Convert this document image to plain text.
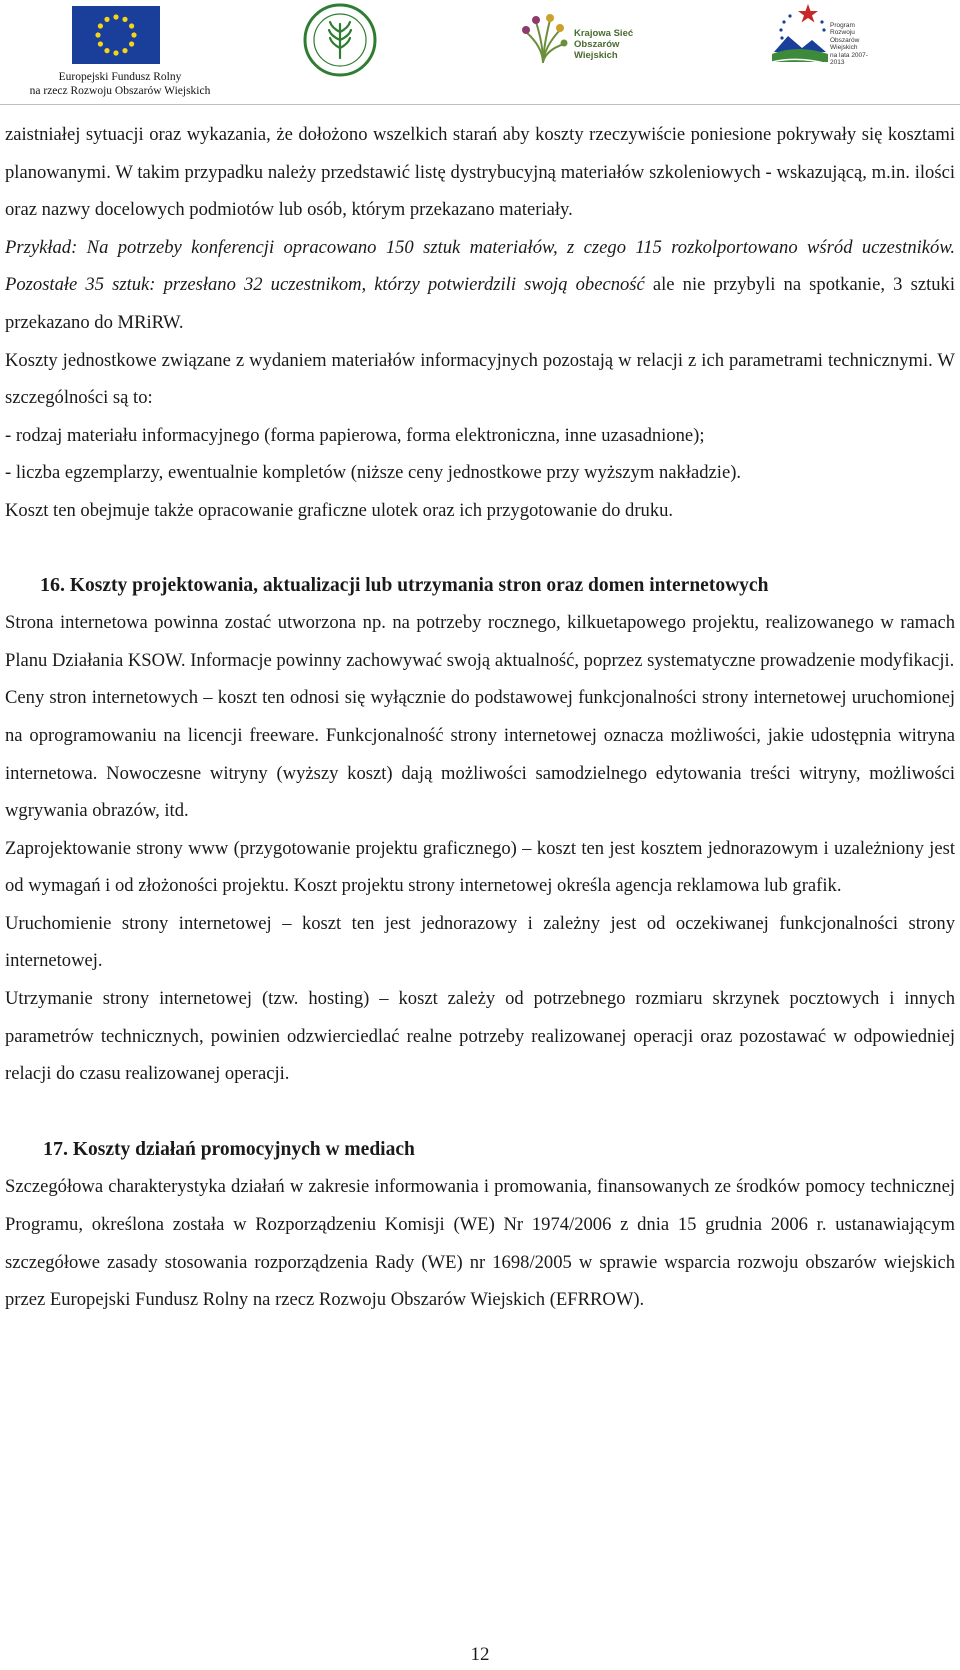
Europejski Fundusz Rolny
na rzecz Rozwoju Obszarów Wiejskich
Krajowa Sieć
Obszarów Wiejskich
Program
Rozwoju
Obszarów
Wiejskich
na lata 2007-2013

zaistniałej sytuacji oraz wykazania, że dołożono wszelkich starań aby koszty rzeczywiście poniesione pokrywały się kosztami planowanymi. W takim przypadku należy przedstawić listę dystrybucyjną materiałów szkoleniowych - wskazującą, m.in. ilości oraz nazwy docelowych podmiotów lub osób, którym przekazano materiały.

Przykład: Na potrzeby konferencji opracowano 150 sztuk materiałów, z czego 115 rozkolportowano wśród uczestników. Pozostałe 35 sztuk: przesłano 32 uczestnikom, którzy potwierdzili swoją obecność ale nie przybyli na spotkanie, 3 sztuki przekazano do MRiRW.

Koszty jednostkowe związane z wydaniem materiałów informacyjnych pozostają w relacji z ich parametrami technicznymi. W szczególności są to:

- rodzaj materiału informacyjnego (forma papierowa, forma elektroniczna, inne uzasadnione);

- liczba egzemplarzy, ewentualnie kompletów (niższe ceny jednostkowe przy wyższym nakładzie).

Koszt ten obejmuje także opracowanie graficzne ulotek oraz ich przygotowanie do druku.

16. Koszty projektowania, aktualizacji lub utrzymania stron oraz domen internetowych

Strona internetowa powinna zostać utworzona np. na potrzeby rocznego, kilkuetapowego projektu, realizowanego w ramach Planu Działania KSOW. Informacje powinny zachowywać swoją aktualność, poprzez systematyczne prowadzenie modyfikacji.

Ceny stron internetowych – koszt ten odnosi się wyłącznie do podstawowej funkcjonalności strony internetowej uruchomionej na oprogramowaniu na licencji freeware. Funkcjonalność strony internetowej oznacza możliwości, jakie udostępnia witryna internetowa. Nowoczesne witryny (wyższy koszt) dają możliwości samodzielnego edytowania treści witryny, możliwości wgrywania obrazów, itd.

Zaprojektowanie strony www (przygotowanie projektu graficznego) – koszt ten jest kosztem jednorazowym i uzależniony jest od wymagań i od złożoności projektu. Koszt projektu strony internetowej określa agencja reklamowa lub grafik.

Uruchomienie strony internetowej – koszt ten jest jednorazowy i zależny jest od oczekiwanej funkcjonalności strony internetowej.

Utrzymanie strony internetowej (tzw. hosting) – koszt zależy od potrzebnego rozmiaru skrzynek pocztowych i innych parametrów technicznych, powinien odzwierciedlać realne potrzeby realizowanej operacji oraz pozostawać w odpowiedniej relacji do czasu realizowanej operacji.

17. Koszty działań promocyjnych w mediach

Szczegółowa charakterystyka działań w zakresie informowania i promowania, finansowanych ze środków pomocy technicznej Programu, określona została w Rozporządzeniu Komisji (WE) Nr 1974/2006 z dnia 15 grudnia 2006 r. ustanawiającym szczegółowe zasady stosowania rozporządzenia Rady (WE) nr 1698/2005 w sprawie wsparcia rozwoju obszarów wiejskich przez Europejski Fundusz Rolny na rzecz Rozwoju Obszarów Wiejskich (EFRROW).

12
